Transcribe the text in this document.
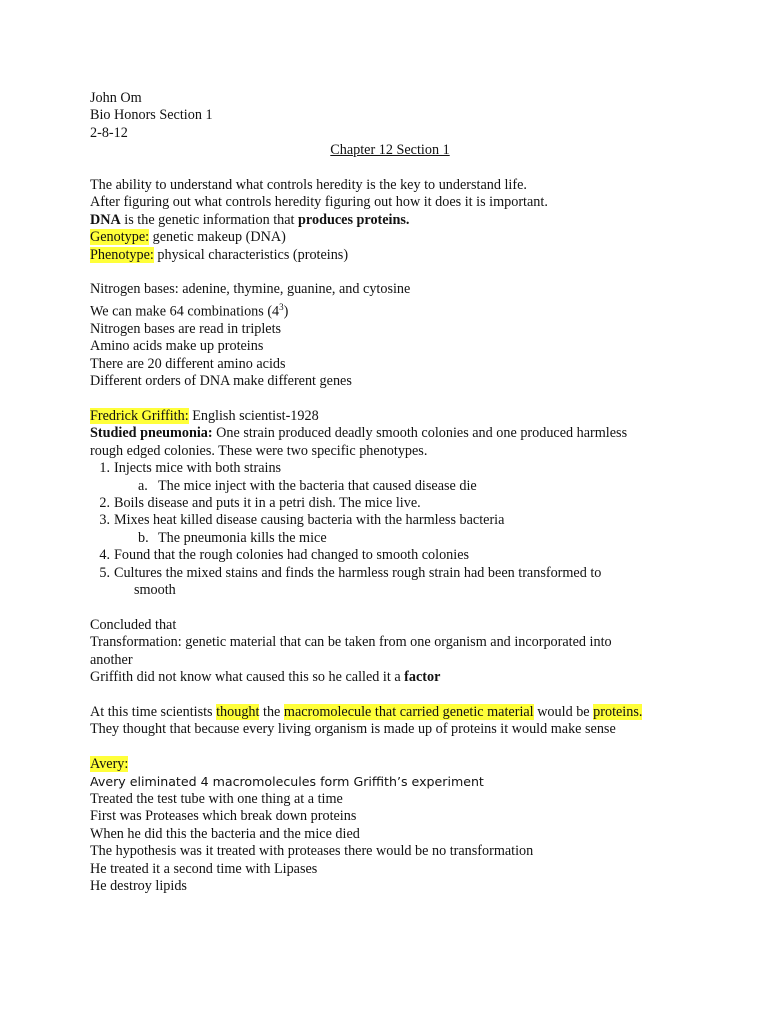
John Om
Bio Honors Section 1
2-8-12
Chapter 12 Section 1
The ability to understand what controls heredity is the key to understand life.
After figuring out what controls heredity figuring out how it does it is important.
DNA is the genetic information that produces proteins.
Genotype: genetic makeup (DNA)
Phenotype: physical characteristics (proteins)
Nitrogen bases: adenine, thymine, guanine, and cytosine
We can make 64 combinations $(4^3)$
Nitrogen bases are read in triplets
Amino acids make up proteins
There are 20 different amino acids
Different orders of DNA make different genes
Fredrick Griffith: English scientist-1928
Studied pneumonia: One strain produced deadly smooth colonies and one produced harmless
rough edged colonies. These were two specific phenotypes.
1. Injects mice with both strains
a. The mice inject with the bacteria that caused disease die
2. Boils disease and puts it in a petri dish. The mice live.
3. Mixes heat killed disease causing bacteria with the harmless bacteria
b. The pneumonia kills the mice
4. Found that the rough colonies had changed to smooth colonies
5. Cultures the mixed stains and finds the harmless rough strain had been transformed to
smooth
Concluded that
Transformation: genetic material that can be taken from one organism and incorporated into
another
Griffith did not know what caused this so he called it a factor
At this time scientists thought the macromolecule that carried genetic material would be proteins.
They thought that because every living organism is made up of proteins it would make sense
Avery:
Avery eliminated 4 macromolecules form Griffith’s experiment
Treated the test tube with one thing at a time
First was Proteases which break down proteins
When he did this the bacteria and the mice died
The hypothesis was it treated with proteases there would be no transformation
He treated it a second time with Lipases
He destroy lipids
